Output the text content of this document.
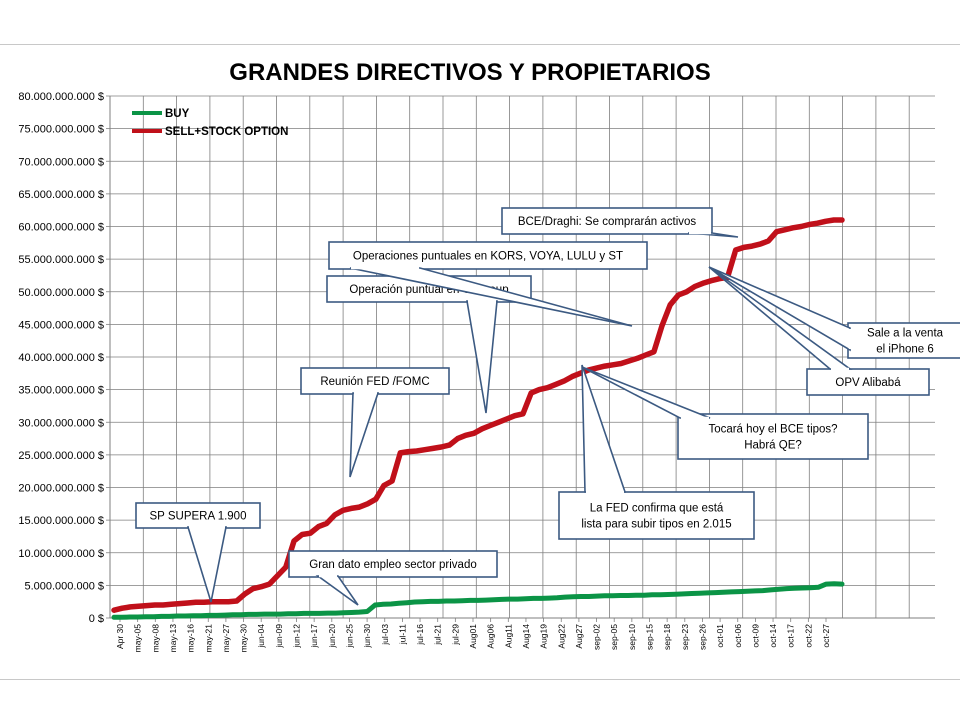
GRANDES DIRECTIVOS Y PROPIETARIOS
0 $
5.000.000.000 $
10.000.000.000 $
15.000.000.000 $
20.000.000.000 $
25.000.000.000 $
30.000.000.000 $
35.000.000.000 $
40.000.000.000 $
45.000.000.000 $
50.000.000.000 $
55.000.000.000 $
60.000.000.000 $
65.000.000.000 $
70.000.000.000 $
75.000.000.000 $
80.000.000.000 $
Apr 30 may-05 may-08 may-13 may-16 may-21 may-27 may-30 jun-04 jun-09 jun-12 jun-17 jun-20 jun-25 jun-30 jul-03 jul-11 jul-16 jul-21 jul-29 Aug01 Aug06 Aug11 Aug14 Aug19 Aug22 Aug27 sep-02 sep-05 sep-10 sep-15 sep-18 sep-23 sep-26 oct-01 oct-06 oct-09 oct-14 oct-17 oct-22 oct-27
BUY
SELL+STOCK OPTION
SP SUPERA 1.900
Gran dato empleo sector privado
Reunión FED /FOMC
Operación puntual en Citigroup
Operaciones puntuales en KORS, VOYA, LULU y ST
BCE/Draghi: Se comprarán activos
La FED confirma que está
lista para subir tipos en 2.015
Tocará hoy el BCE tipos?
Habrá QE?
OPV Alibabá
Sale a la venta
el iPhone 6
